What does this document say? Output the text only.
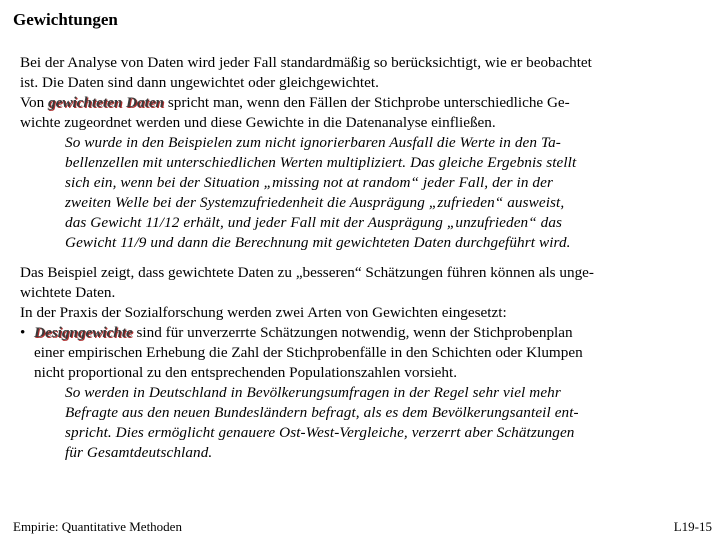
Gewichtungen
Bei der Analyse von Daten wird jeder Fall standardmäßig so berücksichtigt, wie er beobachtet
ist. Die Daten sind dann ungewichtet oder gleichgewichtet.
Von gewichteten Daten spricht man, wenn den Fällen der Stichprobe unterschiedliche Ge-
wichte zugeordnet werden und diese Gewichte in die Datenanalyse einfließen.
So wurde in den Beispielen zum nicht ignorierbaren Ausfall die Werte in den Ta-
bellenzellen mit unterschiedlichen Werten multipliziert. Das gleiche Ergebnis stellt
sich ein, wenn bei der Situation „missing not at random“ jeder Fall, der in der
zweiten Welle bei der Systemzufriedenheit die Ausprägung „zufrieden“ ausweist,
das Gewicht 11/12 erhält, und jeder Fall mit der Ausprägung „unzufrieden“ das
Gewicht 11/9 und dann die Berechnung mit gewichteten Daten durchgeführt wird.
Das Beispiel zeigt, dass gewichtete Daten zu „besseren“ Schätzungen führen können als unge-
wichtete Daten.
In der Praxis der Sozialforschung werden zwei Arten von Gewichten eingesetzt:
• Designgewichte sind für unverzerrte Schätzungen notwendig, wenn der Stichprobenplan
einer empirischen Erhebung die Zahl der Stichprobenfälle in den Schichten oder Klumpen
nicht proportional zu den entsprechenden Populationszahlen vorsieht.
So werden in Deutschland in Bevölkerungsumfragen in der Regel sehr viel mehr
Befragte aus den neuen Bundesländern befragt, als es dem Bevölkerungsanteil ent-
spricht. Dies ermöglicht genauere Ost-West-Vergleiche, verzerrt aber Schätzungen
für Gesamtdeutschland.
Empirie: Quantitative Methoden	L19-15
